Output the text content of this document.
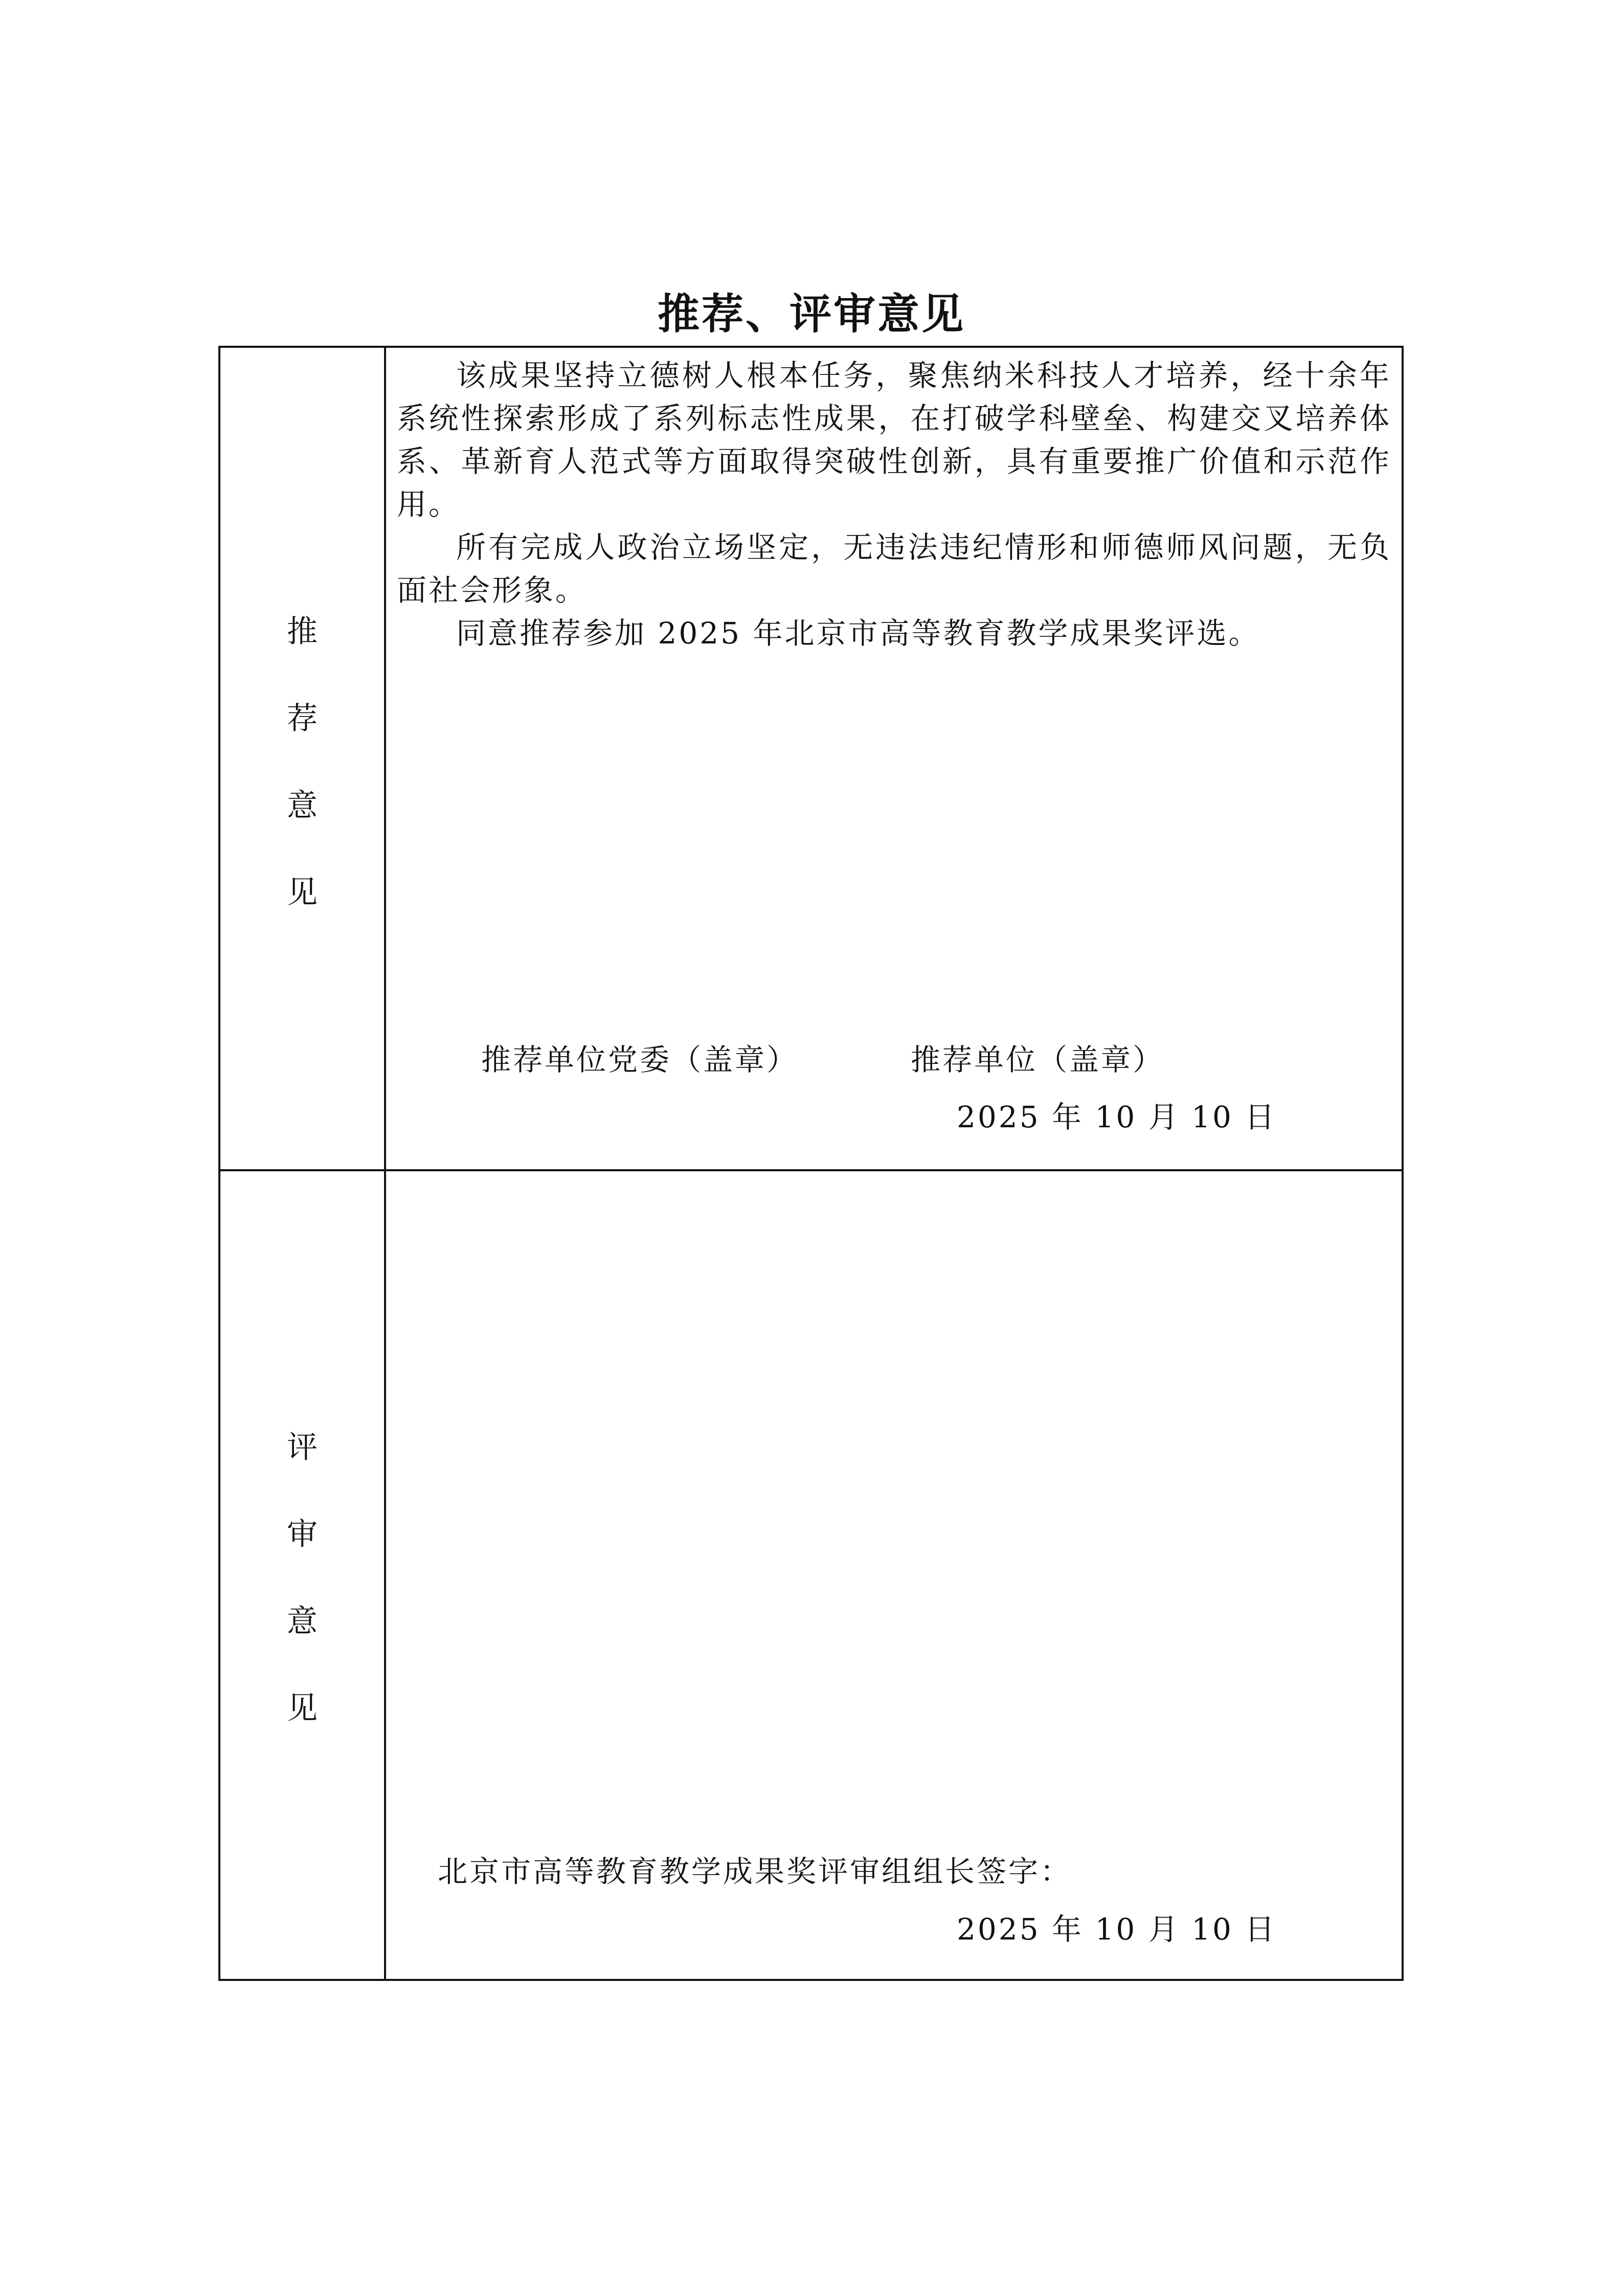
推荐、评审意见
推
荐
意
见

该成果坚持立德树人根本任务，聚焦纳米科技人才培养，经十余年系统性探索形成了系列标志性成果，在打破学科壁垒、构建交叉培养体系、革新育人范式等方面取得突破性创新，具有重要推广价值和示范作用。

所有完成人政治立场坚定，无违法违纪情形和师德师风问题，无负面社会形象。

同意推荐参加 2025 年北京市高等教育教学成果奖评选。

推荐单位党委（盖章）	推荐单位（盖章）
2025 年 10 月 10 日
评
审
意
见
北京市高等教育教学成果奖评审组组长签字：
2025 年 10 月 10 日
